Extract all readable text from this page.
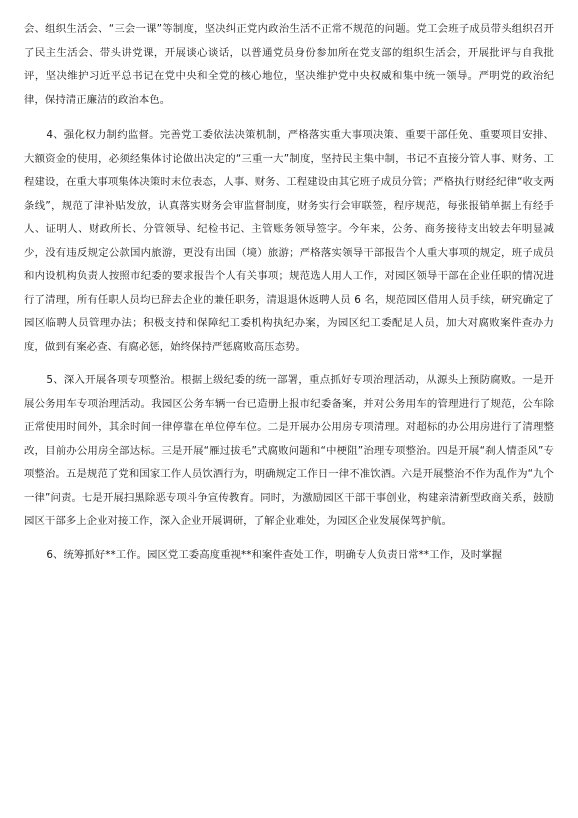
会、组织生活会、“三会一课”等制度，坚决纠正党内政治生活不正常不规范的问题。党工会班子成员带头组织召开了民主生活会、带头讲党课，开展谈心谈话，以普通党员身份参加所在党支部的组织生活会，开展批评与自我批评，坚决维护习近平总书记在党中央和全党的核心地位，坚决维护党中央权威和集中统一领导。严明党的政治纪律，保持清正廉洁的政治本色。

4、强化权力制约监督。完善党工委依法决策机制，严格落实重大事项决策、重要干部任免、重要项目安排、大额资金的使用，必须经集体讨论做出决定的“三重一大”制度，坚持民主集中制，书记不直接分管人事、财务、工程建设，在重大事项集体决策时末位表态，人事、财务、工程建设由其它班子成员分管；严格执行财经纪律“收支两条线”，规范了津补贴发放，认真落实财务会审监督制度，财务实行会审联签，程序规范，每张报销单据上有经手人、证明人、财政所长、分管领导、纪检书记、主管账务领导签字。今年来，公务、商务接待支出较去年明显减少，没有违反规定公款国内旅游，更没有出国（境）旅游；严格落实领导干部报告个人重大事项的规定，班子成员和内设机构负责人按照市纪委的要求报告个人有关事项；规范选人用人工作，对园区领导干部在企业任职的情况进行了清理，所有任职人员均已辞去企业的兼任职务，清退退休返聘人员 6 名，规范园区借用人员手续，研究确定了园区临聘人员管理办法；积极支持和保障纪工委机构执纪办案，为园区纪工委配足人员，加大对腐败案件查办力度，做到有案必查、有腐必惩，始终保持严惩腐败高压态势。

5、深入开展各项专项整治。根据上级纪委的统一部署，重点抓好专项治理活动，从源头上预防腐败。一是开展公务用车专项治理活动。我园区公务车辆一台已造册上报市纪委备案，并对公务用车的管理进行了规范，公车除正常使用时间外，其余时间一律停靠在单位停车位。二是开展办公用房专项清理。对超标的办公用房进行了清理整改，目前办公用房全部达标。三是开展“雁过拔毛”式腐败问题和“中梗阻”治理专项整治。四是开展“刹人情歪风”专项整治。五是规范了党和国家工作人员饮酒行为，明确规定工作日一律不准饮酒。六是开展整治不作为乱作为“九个一律”问责。七是开展扫黑除恶专项斗争宣传教育。同时，为激励园区干部干事创业，构建亲清新型政商关系，鼓励园区干部多上企业对接工作，深入企业开展调研，了解企业难处，为园区企业发展保驾护航。

6、统筹抓好**工作。园区党工委高度重视**和案件查处工作，明确专人负责日常**工作，及时掌握
